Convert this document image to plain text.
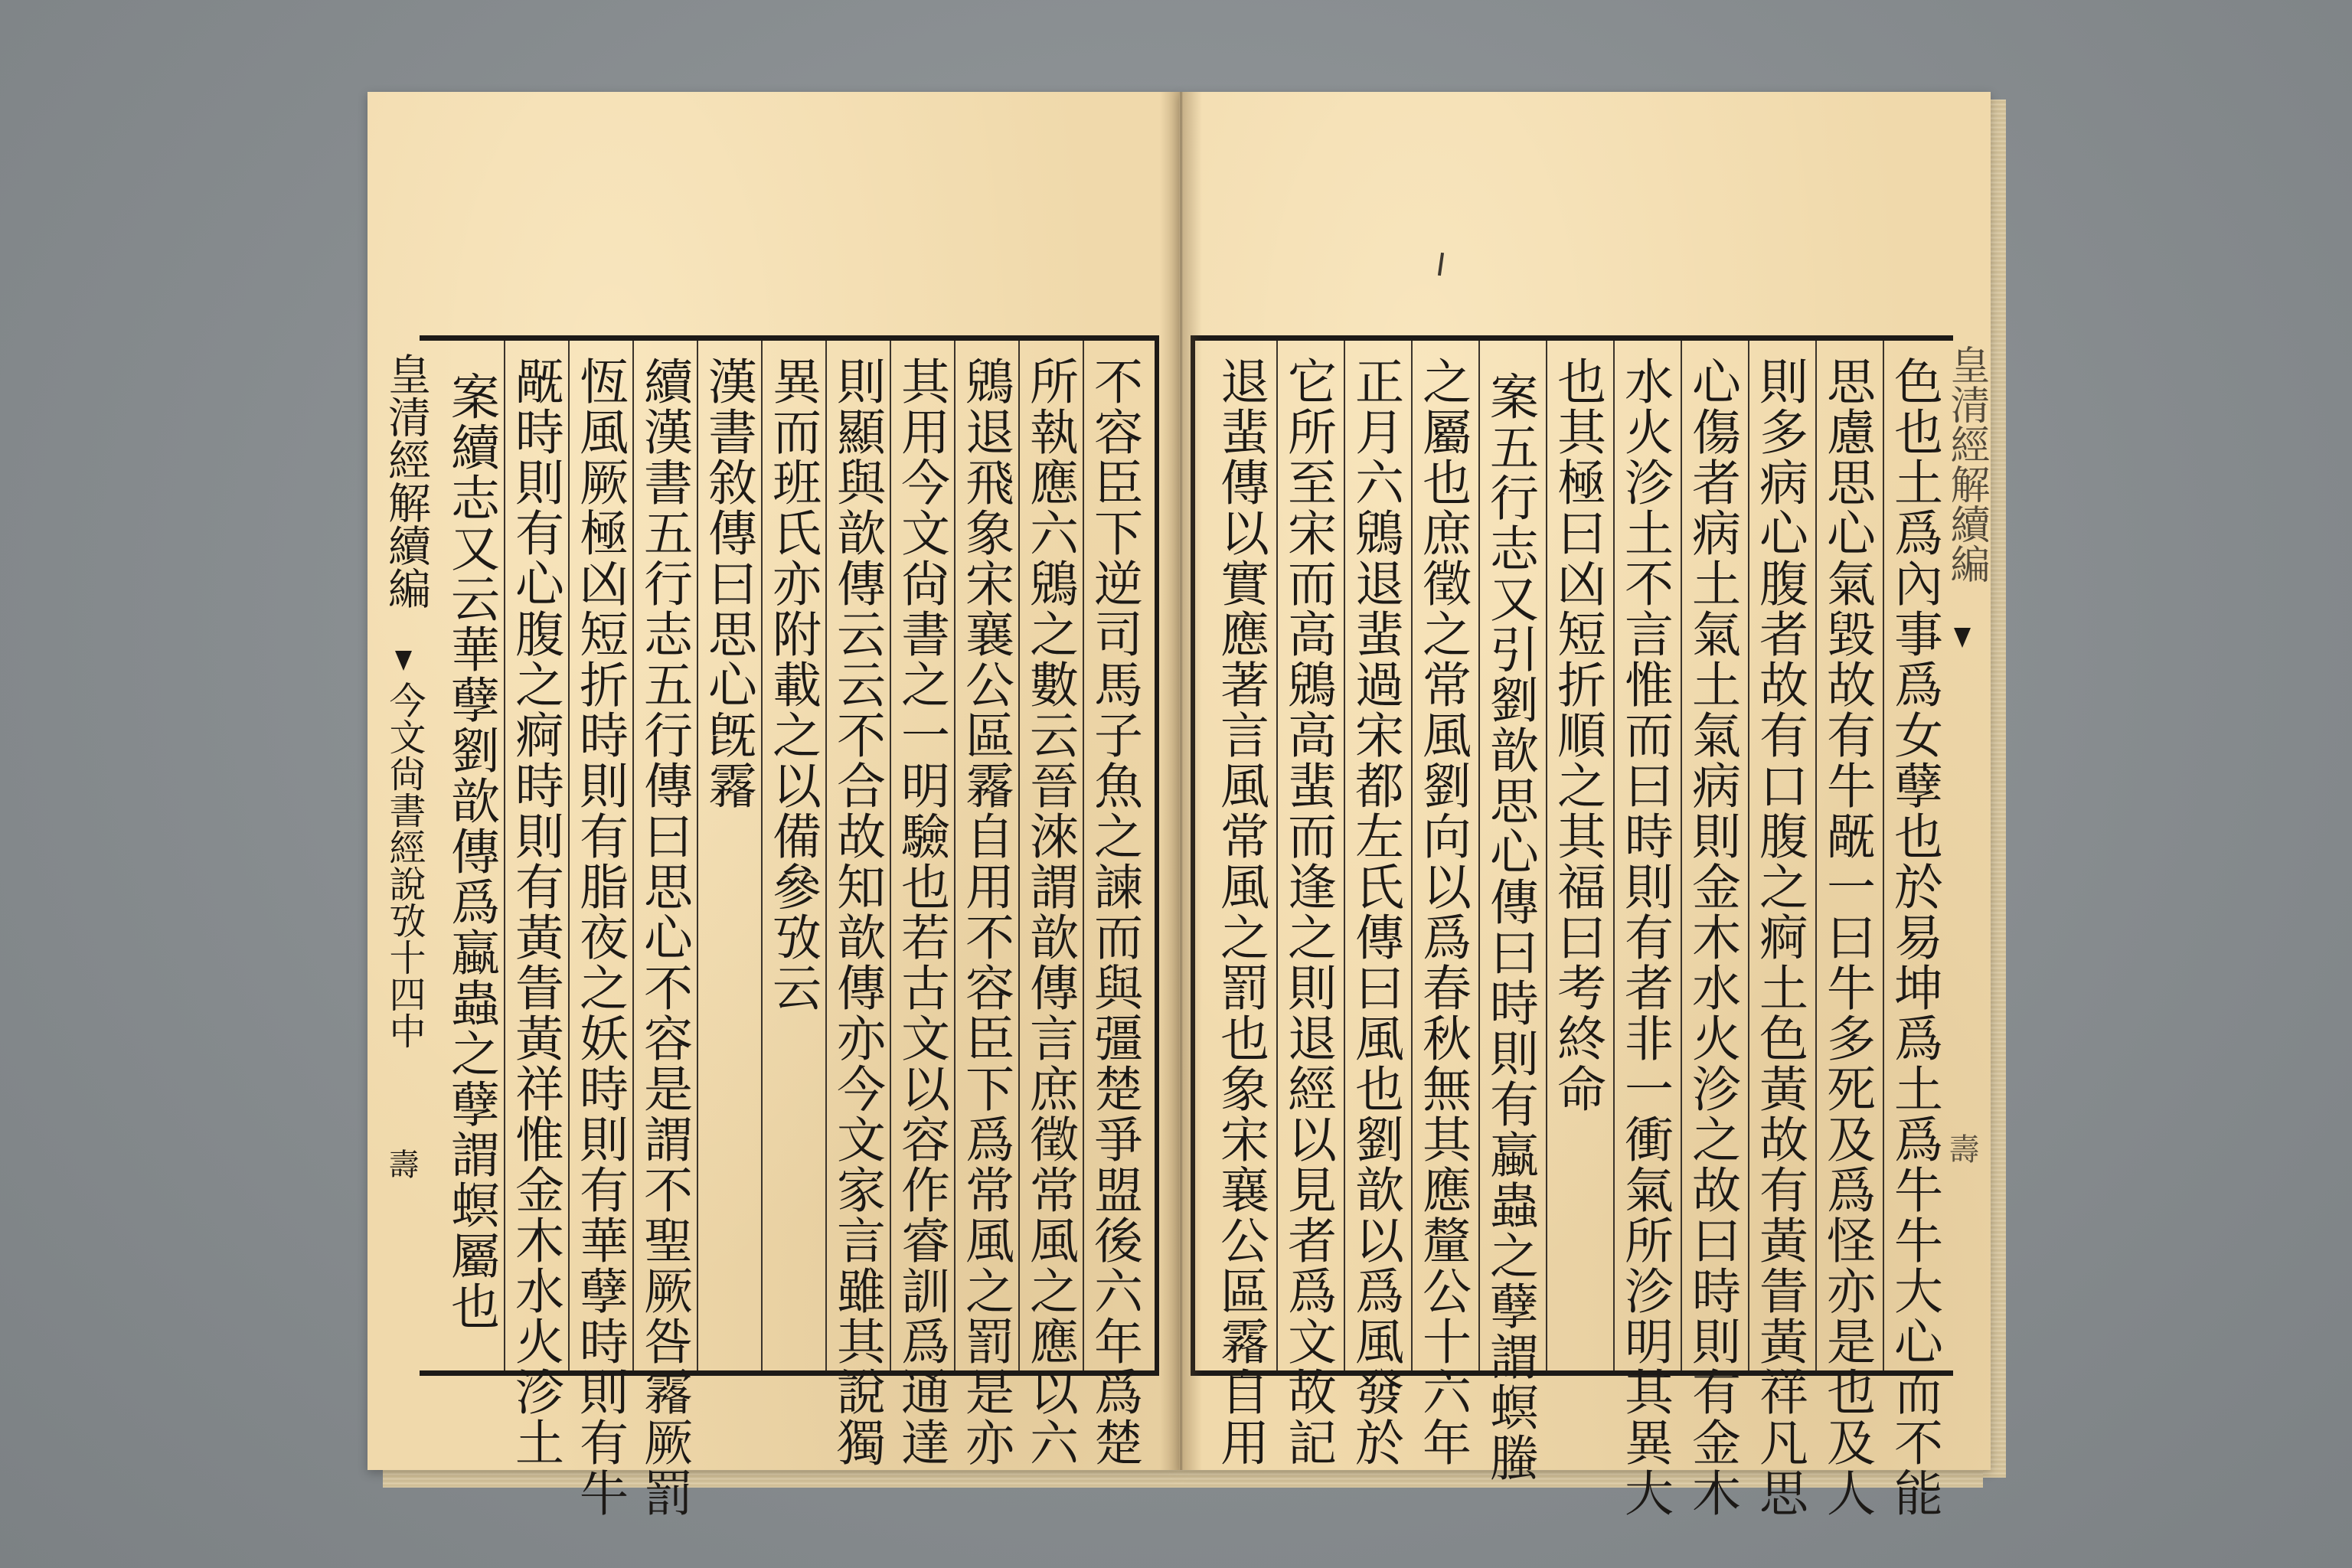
不容臣下逆司馬子魚之諫而與彊楚爭盟後六年爲楚
所執應六鶂之數云晉淶謂歆傳言庶徵常風之應以六
鶂退飛象宋襄公區霿自用不容臣下爲常風之罰是亦
其用今文尙書之一明驗也若古文以容作睿訓爲通達
則顯與歆傳云云不合故知歆傳亦今文家言雖其說獨
異而班氏亦附載之以備參攷云
漢書敘傳曰思心旣霿
續漢書五行志五行傳曰思心不容是謂不聖厥咎霿厥罰
恆風厥極凶短折時則有脂夜之妖時則有華孽時則有牛
旤時則有心腹之痾時則有黃眚黃祥惟金木水火沴土
案續志又云華孽劉歆傳爲蠃蟲之孽謂螟屬也
皇清經解續編
今文尙書經說攷十四中
壽	色也土爲內事爲女孽也於易坤爲土爲牛牛大心而不能
思慮思心氣毀故有牛旤一曰牛多死及爲怪亦是也及人
則多病心腹者故有口腹之痾土色黃故有黃眚黃祥凡思
心傷者病土氣土氣病則金木水火沴之故曰時則有金木
水火沴土不言惟而曰時則有者非一衝氣所沴明其異大
也其極曰凶短折順之其福曰考終命
案五行志又引劉歆思心傳曰時則有蠃蟲之孽謂螟螣
之屬也庶徵之常風劉向以爲春秋無其應釐公十六年
正月六鶂退蜚過宋都左氏傳曰風也劉歆以爲風發於
它所至宋而高鶂高蜚而逢之則退經以見者爲文故記
退蜚傳以實應著言風常風之罰也象宋襄公區霿自用	皇清經解續編
壽
